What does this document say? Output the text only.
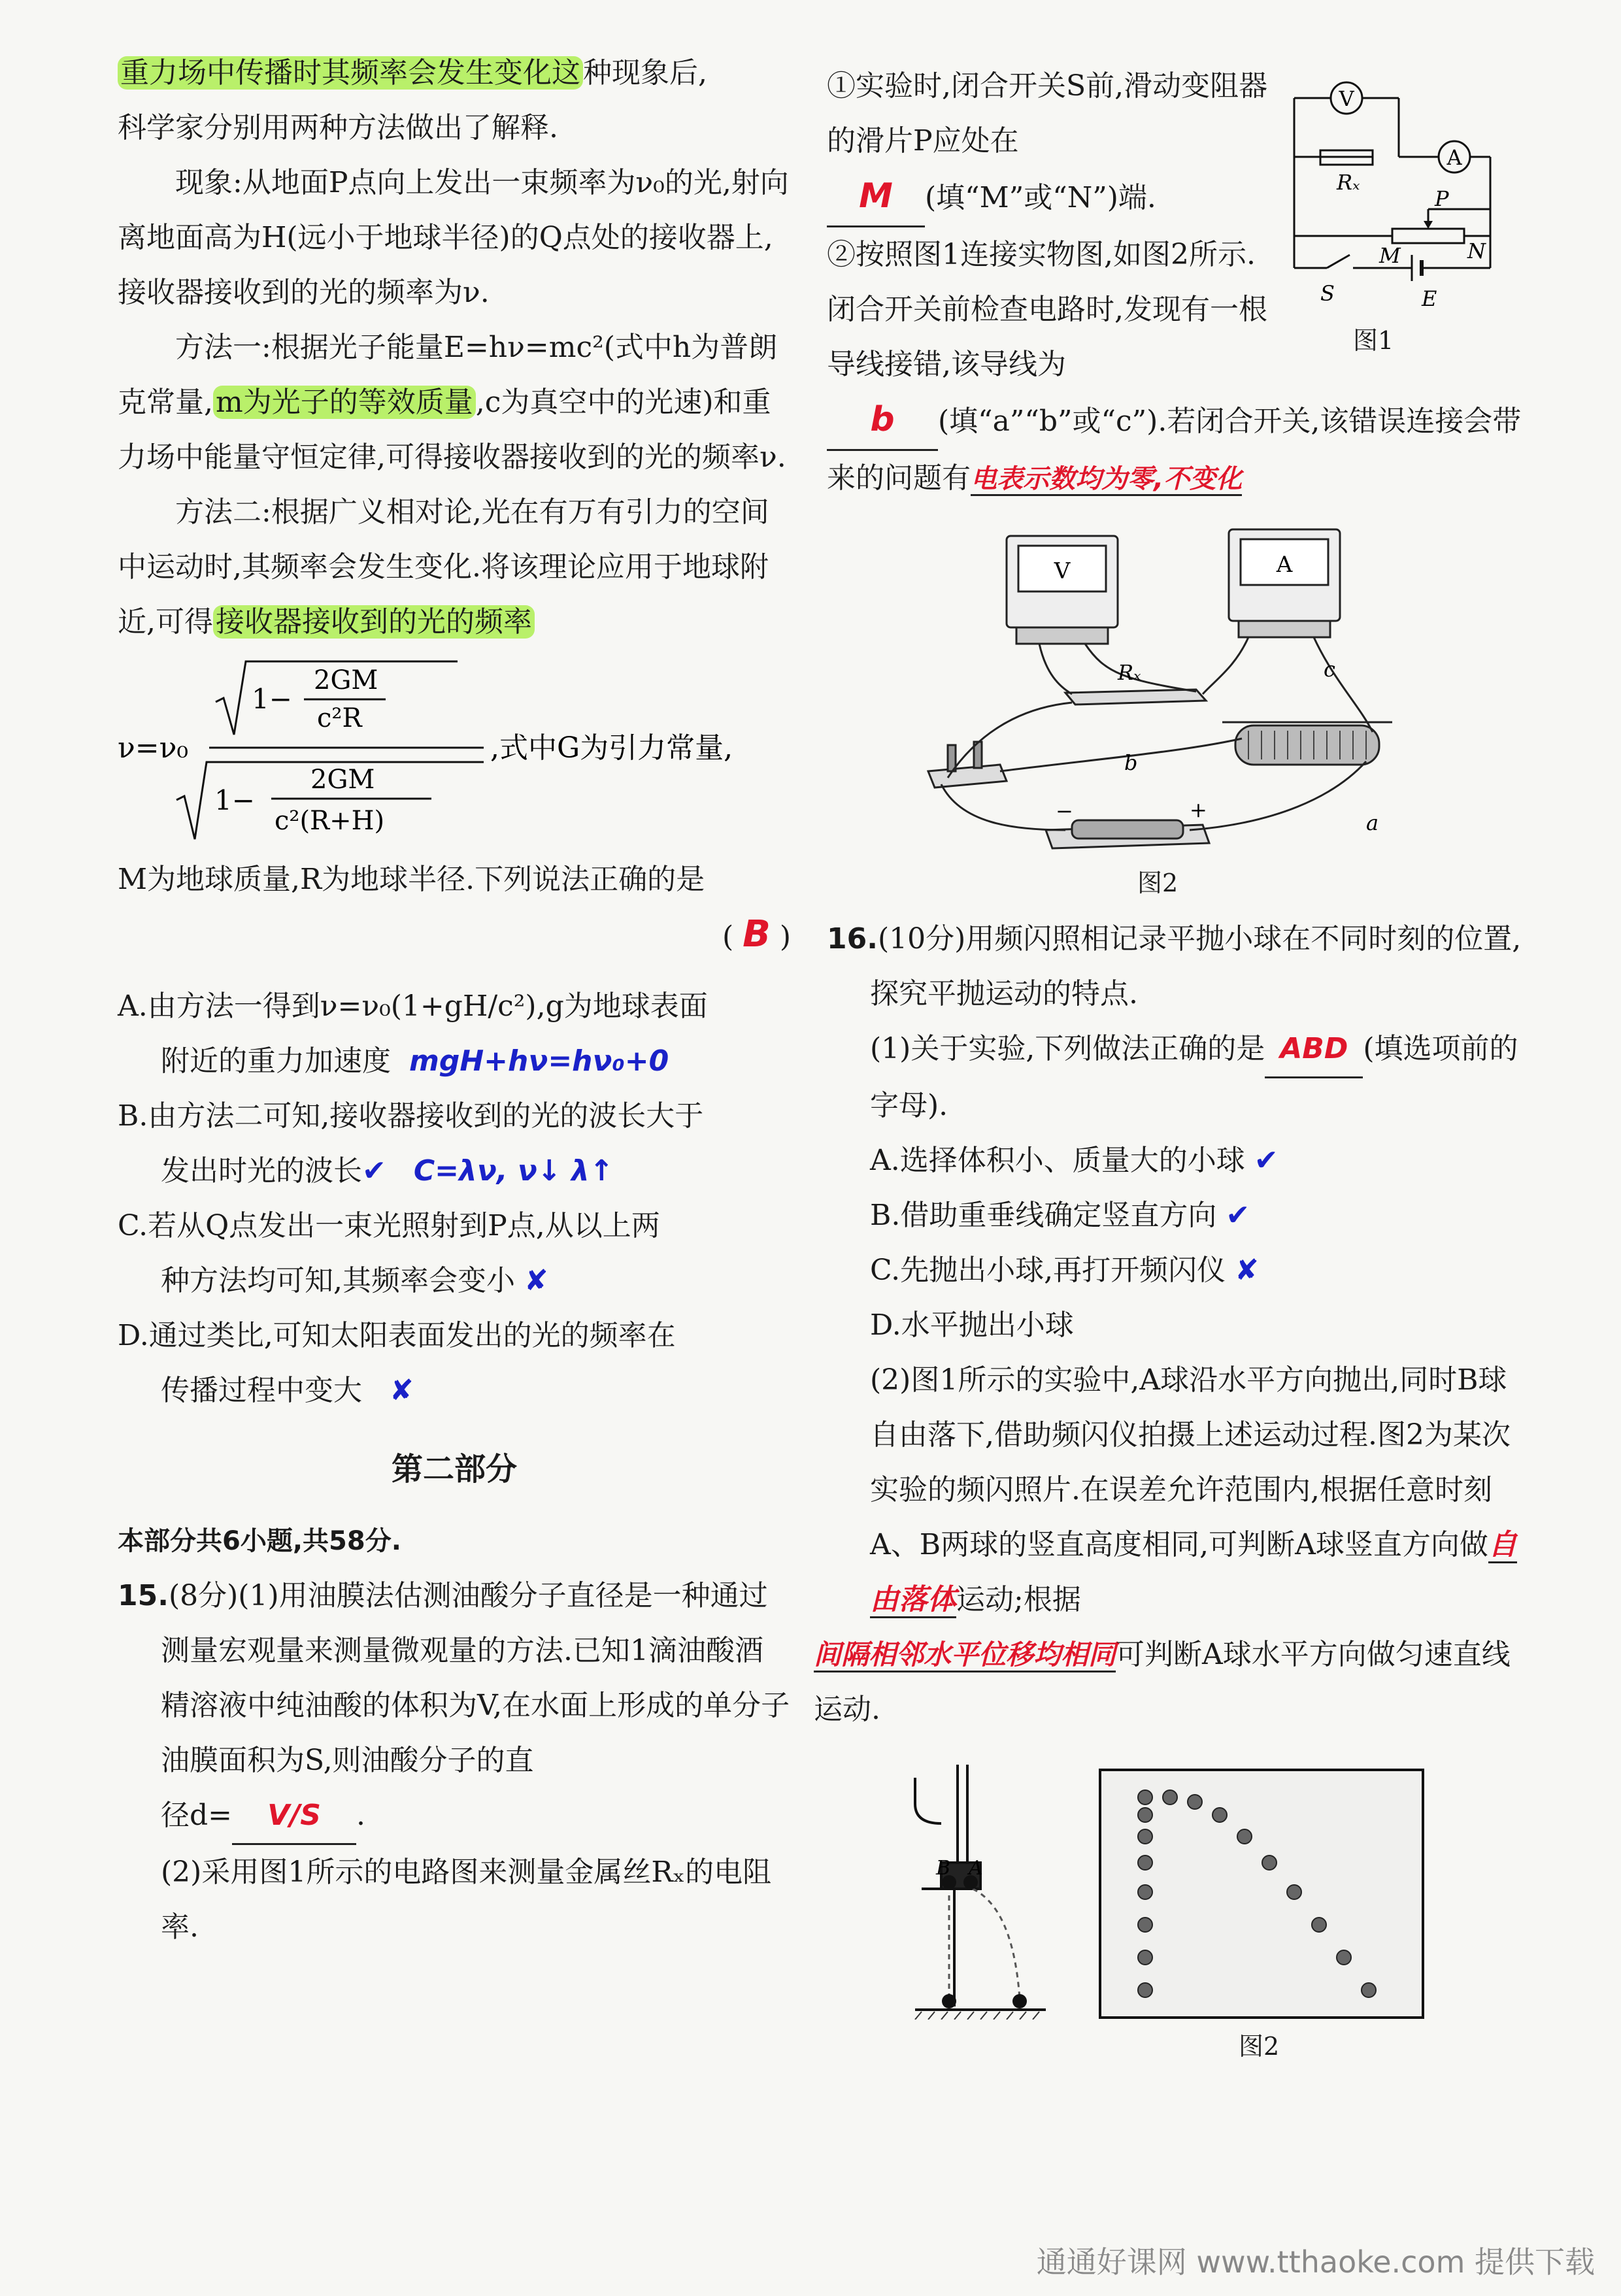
重力场中传播时其频率会发生变化这种现象后,

科学家分别用两种方法做出了解释.

现象:从地面P点向上发出一束频率为ν₀的光,射向离地面高为H(远小于地球半径)的Q点处的接收器上,接收器接收到的光的频率为ν.

方法一:根据光子能量E=hν=mc²(式中h为普朗克常量,m为光子的等效质量,c为真空中的光速)和重力场中能量守恒定律,可得接收器接收到的光的频率ν.

方法二:根据广义相对论,光在有万有引力的空间中运动时,其频率会发生变化.将该理论应用于地球附近,可得接收器接收到的光的频率

ν=ν₀
1−
2GM
c²R
1−
2GM
c²(R+H)
,式中G为引力常量,

M为地球质量,R为地球半径.下列说法正确的是

( B )

A.由方法一得到ν=ν₀(1+gH/c²),g为地球表面

附近的重力加速度 mgH+hν=hν₀+0

B.由方法二可知,接收器接收到的光的波长大于

发出时光的波长✔ C=λν, ν↓ λ↑

C.若从Q点发出一束光照射到P点,从以上两

种方法均可知,其频率会变小 ✘

D.通过类比,可知太阳表面发出的光的频率在

传播过程中变大 ✘

第二部分

本部分共6小题,共58分.

15.(8分)(1)用油膜法估测油酸分子直径是一种通过测量宏观量来测量微观量的方法.已知1滴油酸酒精溶液中纯油酸的体积为V,在水面上形成的单分子油膜面积为S,则油酸分子的直

径d= V/S .

(2)采用图1所示的电路图来测量金属丝Rₓ的电阻率.

①实验时,闭合开关S前,滑动变阻器的滑片P应处在

M (填“M”或“N”)端.

②按照图1连接实物图,如图2所示.闭合开关前检查电路时,发现有一根导线接错,该导线为

b (填“a”“b”或“c”).若闭合开关,该错误连接会带来的问题有电表示数均为零,不变化

V
A
Rₓ
P
M	N
S	E
图1
V	A
Rₓ
b
a
c
−	+
图2

16.(10分)用频闪照相记录平抛小球在不同时刻的位置,探究平抛运动的特点.

(1)关于实验,下列做法正确的是 ABD (填选项前的字母).

A.选择体积小、质量大的小球 ✔

B.借助重垂线确定竖直方向 ✔

C.先抛出小球,再打开频闪仪 ✘

D.水平抛出小球

(2)图1所示的实验中,A球沿水平方向抛出,同时B球自由落下,借助频闪仪拍摄上述运动过程.图2为某次实验的频闪照片.在误差允许范围内,根据任意时刻A、B两球的竖直高度相同,可判断A球竖直方向做自由落体运动;根据

间隔相邻水平位移均相同可判断A球水平方向做匀速直线运动.

B A
图2
通通好课网 www.tthaoke.com 提供下载
